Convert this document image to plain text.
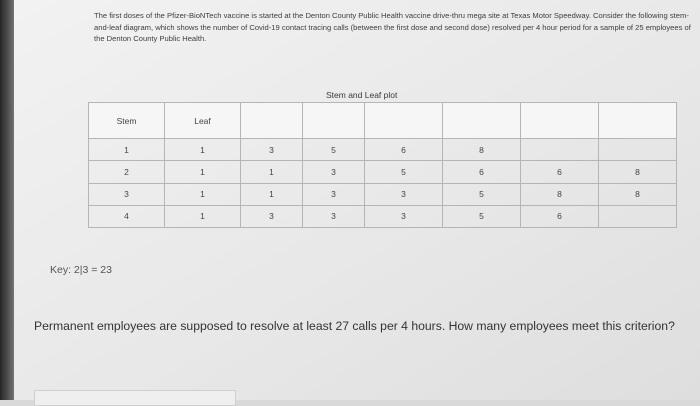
The first doses of the Pfizer-BioNTech vaccine is started at the Denton County Public Health vaccine drive-thru mega site at Texas Motor Speedway. Consider the following stem-and-leaf diagram, which shows the number of Covid-19 contact tracing calls (between the first dose and second dose) resolved per 4 hour period for a sample of 25 employees of the Denton County Public Health.
Stem and Leaf plot
Stem	Leaf						
1	1	3	5	6	8		
2	1	1	3	5	6	6	8
3	1	1	3	3	5	8	8
4	1	3	3	3	5	6	
Key: 2|3 = 23
Permanent employees are supposed to resolve at least 27 calls per 4 hours. How many employees meet this criterion?
